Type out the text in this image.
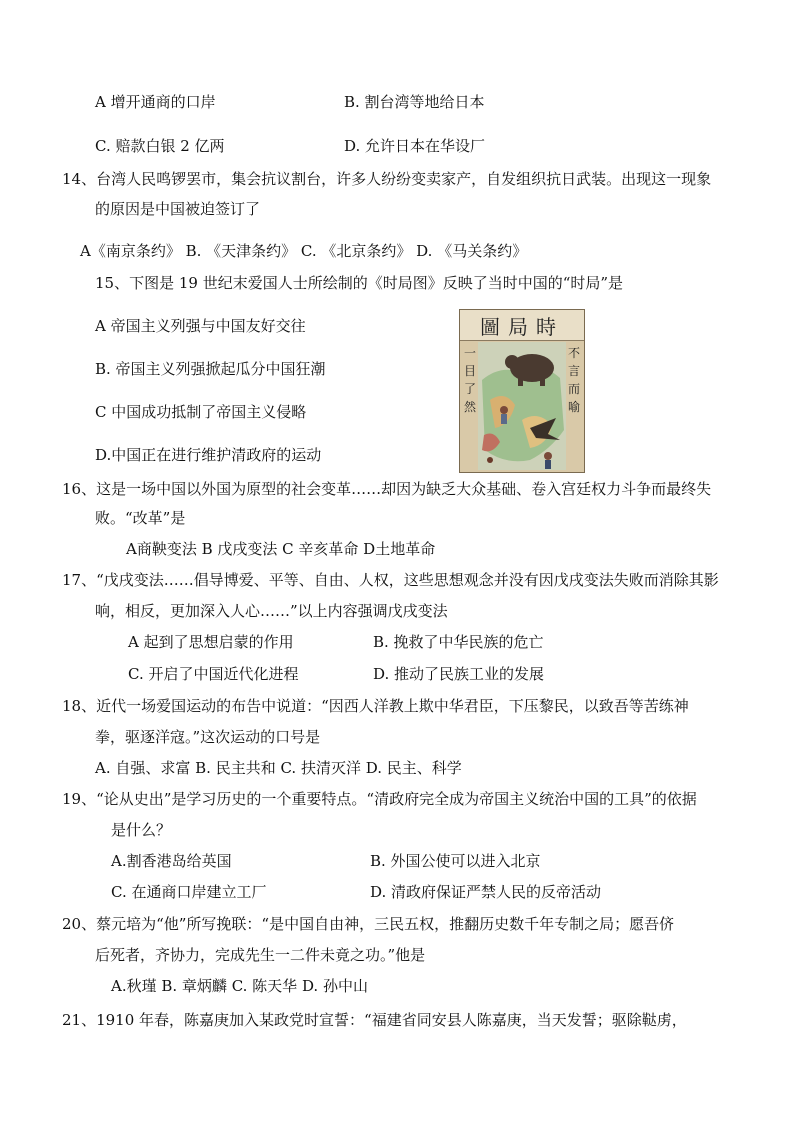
A 增开通商的口岸	B. 割台湾等地给日本
C. 赔款白银 2 亿两	D. 允许日本在华设厂
14、台湾人民鸣锣罢市，集会抗议割台，许多人纷纷变卖家产，自发组织抗日武装。出现这一现象
的原因是中国被迫签订了
A《南京条约》 B. 《天津条约》 C. 《北京条约》 D. 《马关条约》
15、下图是 19 世纪末爱国人士所绘制的《时局图》反映了当时中国的“时局”是
A 帝国主义列强与中国友好交往
B. 帝国主义列强掀起瓜分中国狂潮
C 中国成功抵制了帝国主义侵略
D.中国正在进行维护清政府的运动
圖局時
一
目
了
然
不
言
而
喻
16、这是一场中国以外国为原型的社会变革……却因为缺乏大众基础、卷入宫廷权力斗争而最终失
败。“改革”是
A商鞅变法 B 戊戌变法 C 辛亥革命 D土地革命
17、“戊戌变法……倡导博爱、平等、自由、人权，这些思想观念并没有因戊戌变法失败而消除其影
响，相反，更加深入人心……”以上内容强调戊戌变法
A 起到了思想启蒙的作用	B. 挽救了中华民族的危亡
C. 开启了中国近代化进程	D. 推动了民族工业的发展
18、近代一场爱国运动的布告中说道：“因西人洋教上欺中华君臣，下压黎民，以致吾等苦练神
拳，驱逐洋寇。”这次运动的口号是
A. 自强、求富 B. 民主共和 C. 扶清灭洋 D. 民主、科学
19、“论从史出”是学习历史的一个重要特点。“清政府完全成为帝国主义统治中国的工具”的依据
是什么？
A.割香港岛给英国	B. 外国公使可以进入北京
C. 在通商口岸建立工厂	D. 清政府保证严禁人民的反帝活动
20、蔡元培为“他”所写挽联：“是中国自由神，三民五权，推翻历史数千年专制之局；愿吾侪
后死者，齐协力，完成先生一二件未竟之功。”他是
A.秋瑾 B. 章炳麟 C. 陈天华 D. 孙中山
21、1910 年春，陈嘉庚加入某政党时宣誓：“福建省同安县人陈嘉庚，当天发誓；驱除鞑虏，
